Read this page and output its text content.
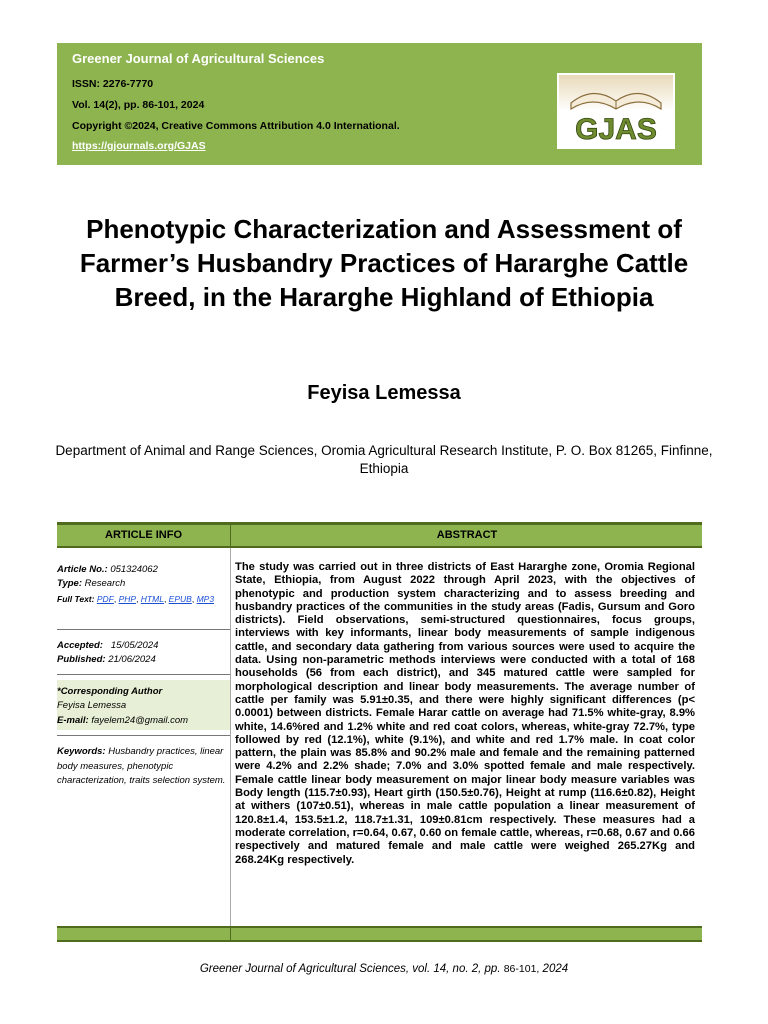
Greener Journal of Agricultural Sciences
ISSN: 2276-7770
Vol. 14(2), pp. 86-101, 2024
Copyright ©2024, Creative Commons Attribution 4.0 International.
https://gjournals.org/GJAS	GJAS
Phenotypic Characterization and Assessment of Farmer’s Husbandry Practices of Hararghe Cattle Breed, in the Hararghe Highland of Ethiopia
Feyisa Lemessa
Department of Animal and Range Sciences, Oromia Agricultural Research Institute, P. O. Box 81265, Finfinne, Ethiopia
ARTICLE INFO	ABSTRACT
Article No.: 051324062
Type: Research
Full Text: PDF, PHP, HTML, EPUB, MP3
Accepted: 15/05/2024
Published: 21/06/2024
*Corresponding Author
Feyisa Lemessa
E-mail: fayelem24@gmail.com
Keywords: Husbandry practices, linear body measures, phenotypic characterization, traits selection system.
The study was carried out in three districts of East Hararghe zone, Oromia Regional State, Ethiopia, from August 2022 through April 2023, with the objectives of phenotypic and production system characterizing and to assess breeding and husbandry practices of the communities in the study areas (Fadis, Gursum and Goro districts). Field observations, semi-structured questionnaires, focus groups, interviews with key informants, linear body measurements of sample indigenous cattle, and secondary data gathering from various sources were used to acquire the data. Using non-parametric methods interviews were conducted with a total of 168 households (56 from each district), and 345 matured cattle were sampled for morphological description and linear body measurements. The average number of cattle per family was 5.91±0.35, and there were highly significant differences (p< 0.0001) between districts. Female Harar cattle on average had 71.5% white-gray, 8.9% white, 14.6%red and 1.2% white and red coat colors, whereas, white-gray 72.7%, type followed by red (12.1%), white (9.1%), and white and red 1.7% male. In coat color pattern, the plain was 85.8% and 90.2% male and female and the remaining patterned were 4.2% and 2.2% shade; 7.0% and 3.0% spotted female and male respectively. Female cattle linear body measurement on major linear body measure variables was Body length (115.7±0.93), Heart girth (150.5±0.76), Height at rump (116.6±0.82), Height at withers (107±0.51), whereas in male cattle population a linear measurement of 120.8±1.4, 153.5±1.2, 118.7±1.31, 109±0.81cm respectively. These measures had a moderate correlation, r=0.64, 0.67, 0.60 on female cattle, whereas, r=0.68, 0.67 and 0.66 respectively and matured female and male cattle were weighed 265.27Kg and 268.24Kg respectively.
Greener Journal of Agricultural Sciences, vol. 14, no. 2, pp. 86-101, 2024
